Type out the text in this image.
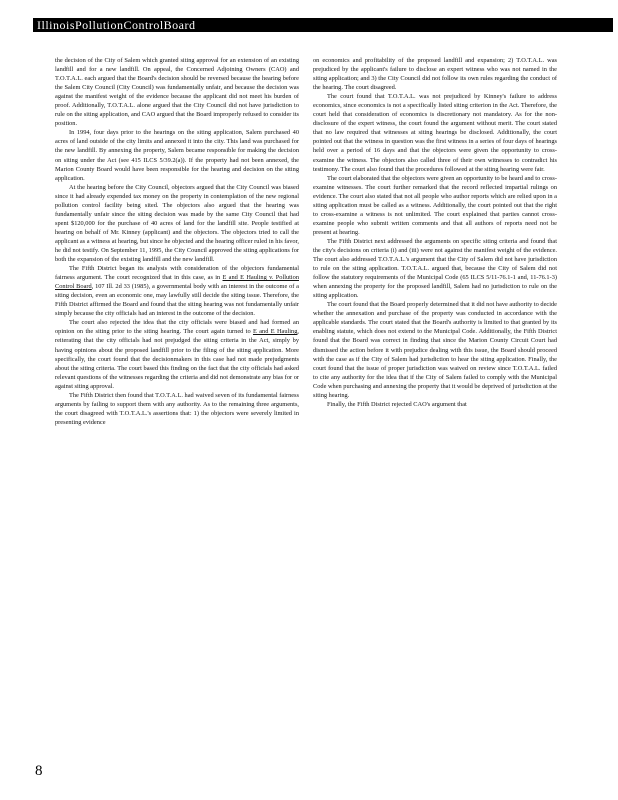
IllinoisPollutionControlBoard

the decision of the City of Salem which granted siting approval for an extension of an existing landfill and for a new landfill. On appeal, the Concerned Adjoining Owners (CAO) and T.O.T.A.L. each argued that the Board's decision should be reversed because the hearing before the Salem City Council (City Council) was fundamentally unfair, and because the decision was against the manifest weight of the evidence because the applicant did not meet his burden of proof. Additionally, T.O.T.A.L. alone argued that the City Council did not have jurisdiction to rule on the siting application, and CAO argued that the Board improperly refused to consider its position.

In 1994, four days prior to the hearings on the siting application, Salem purchased 40 acres of land outside of the city limits and annexed it into the city. This land was purchased for the new landfill. By annexing the property, Salem became responsible for making the decision on siting under the Act (see 415 ILCS 5/39.2(a)). If the property had not been annexed, the Marion County Board would have been responsible for the hearing and decision on the siting application.

At the hearing before the City Council, objectors argued that the City Council was biased since it had already expended tax money on the property in contemplation of the new regional pollution control facility being sited. The objectors also argued that the hearing was fundamentally unfair since the siting decision was made by the same City Council that had spent $120,000 for the purchase of 40 acres of land for the landfill site. People testified at hearing on behalf of Mr. Kinney (applicant) and the objectors. The objectors tried to call the applicant as a witness at hearing, but since he objected and the hearing officer ruled in his favor, he did not testify. On September 11, 1995, the City Council approved the siting applications for both the expansion of the existing landfill and the new landfill.

The Fifth District began its analysis with consideration of the objectors fundamental fairness argument. The court recognized that in this case, as in E and E Hauling v. Pollution Control Board, 107 Ill. 2d 33 (1985), a governmental body with an interest in the outcome of a siting decision, even an economic one, may lawfully still decide the siting issue. Therefore, the Fifth District affirmed the Board and found that the siting hearing was not fundamentally unfair simply because the city officials had an interest in the outcome of the decision.

The court also rejected the idea that the city officials were biased and had formed an opinion on the siting prior to the siting hearing. The court again turned to E and E Hauling, reiterating that the city officials had not prejudged the siting criteria in the Act, simply by having opinions about the proposed landfill prior to the filing of the siting application. More specifically, the court found that the decisionmakers in this case had not made prejudgments about the siting criteria. The court based this finding on the fact that the city officials had asked relevant questions of the witnesses regarding the criteria and did not demonstrate any bias for or against siting approval.

The Fifth District then found that T.O.T.A.L. had waived seven of its fundamental fairness arguments by failing to support them with any authority. As to the remaining three arguments, the court disagreed with T.O.T.A.L.'s assertions that: 1) the objectors were severely limited in presenting evidence

on economics and profitability of the proposed landfill and expansion; 2) T.O.T.A.L. was prejudiced by the applicant's failure to disclose an expert witness who was not named in the siting application; and 3) the City Council did not follow its own rules regarding the conduct of the hearing. The court disagreed.

The court found that T.O.T.A.L. was not prejudiced by Kinney's failure to address economics, since economics is not a specifically listed siting criterion in the Act. Therefore, the court held that consideration of economics is discretionary not mandatory. As for the non-disclosure of the expert witness, the court found the argument without merit. The court stated that no law required that witnesses at siting hearings be disclosed. Additionally, the court pointed out that the witness in question was the first witness in a series of four days of hearings held over a period of 16 days and that the objectors were given the opportunity to cross-examine the witness. The objectors also called three of their own witnesses to contradict his testimony. The court also found that the procedures followed at the siting hearing were fair.

The court elaborated that the objectors were given an opportunity to be heard and to cross-examine witnesses. The court further remarked that the record reflected impartial rulings on evidence. The court also stated that not all people who author reports which are relied upon in a siting application must be called as a witness. Additionally, the court pointed out that the right to cross-examine a witness is not unlimited. The court explained that parties cannot cross-examine people who submit written comments and that all authors of reports need not be present at hearing.

The Fifth District next addressed the arguments on specific siting criteria and found that the city's decisions on criteria (i) and (iii) were not against the manifest weight of the evidence. The court also addressed T.O.T.A.L.'s argument that the City of Salem did not have jurisdiction to rule on the siting application. T.O.T.A.L. argued that, because the City of Salem did not follow the statutory requirements of the Municipal Code (65 ILCS 5/11-76.1-1 and, 11-76.1-3) when annexing the property for the proposed landfill, Salem had no jurisdiction to rule on the siting application.

The court found that the Board properly determined that it did not have authority to decide whether the annexation and purchase of the property was conducted in accordance with the applicable standards. The court stated that the Board's authority is limited to that granted by its enabling statute, which does not extend to the Municipal Code. Additionally, the Fifth District found that the Board was correct in finding that since the Marion County Circuit Court had dismissed the action before it with prejudice dealing with this issue, the Board should proceed with the case as if the City of Salem had jurisdiction to hear the siting application. Finally, the court found that the issue of proper jurisdiction was waived on review since T.O.T.A.L. failed to cite any authority for the idea that if the City of Salem failed to comply with the Municipal Code when purchasing and annexing the property that it would be deprived of jurisdiction at the siting hearing.

Finally, the Fifth District rejected CAO's argument that

8
